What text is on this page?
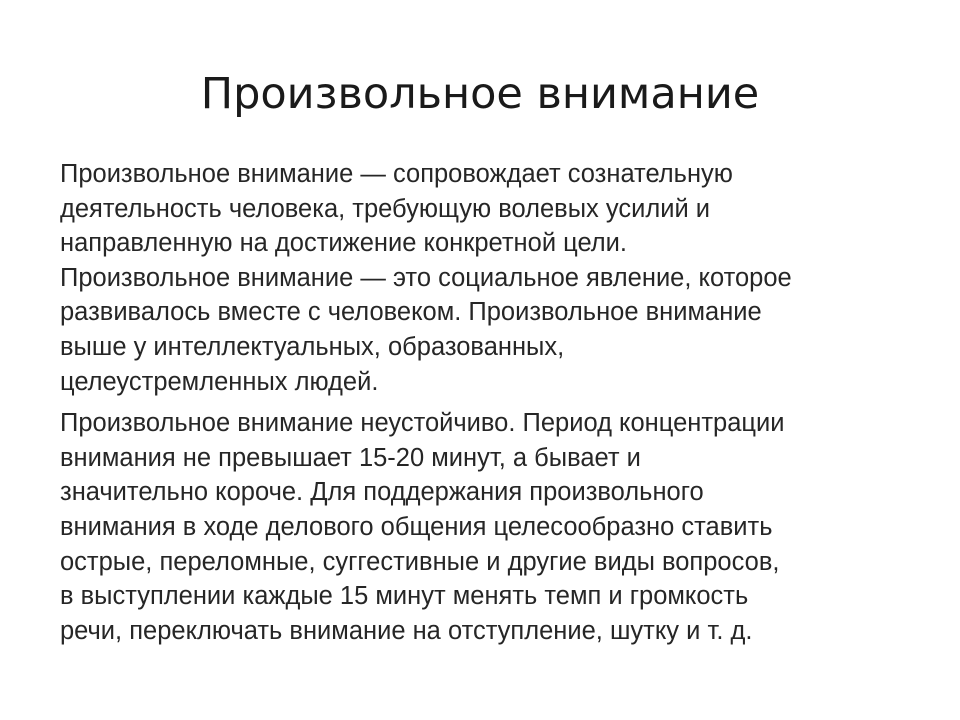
Произвольное внимание

Произвольное внимание — сопровождает сознательную
деятельность человека, требующую волевых усилий и
направленную на достижение конкретной цели.
Произвольное внимание — это социальное явление, которое
развивалось вместе с человеком. Произвольное внимание
выше у интеллектуальных, образованных,
целеустремленных людей.

Произвольное внимание неустойчиво. Период концентрации
внимания не превышает 15-20 минут, а бывает и
значительно короче. Для поддержания произвольного
внимания в ходе делового общения целесообразно ставить
острые, переломные, суггестивные и другие виды вопросов,
в выступлении каждые 15 минут менять темп и громкость
речи, переключать внимание на отступление, шутку и т. д.
